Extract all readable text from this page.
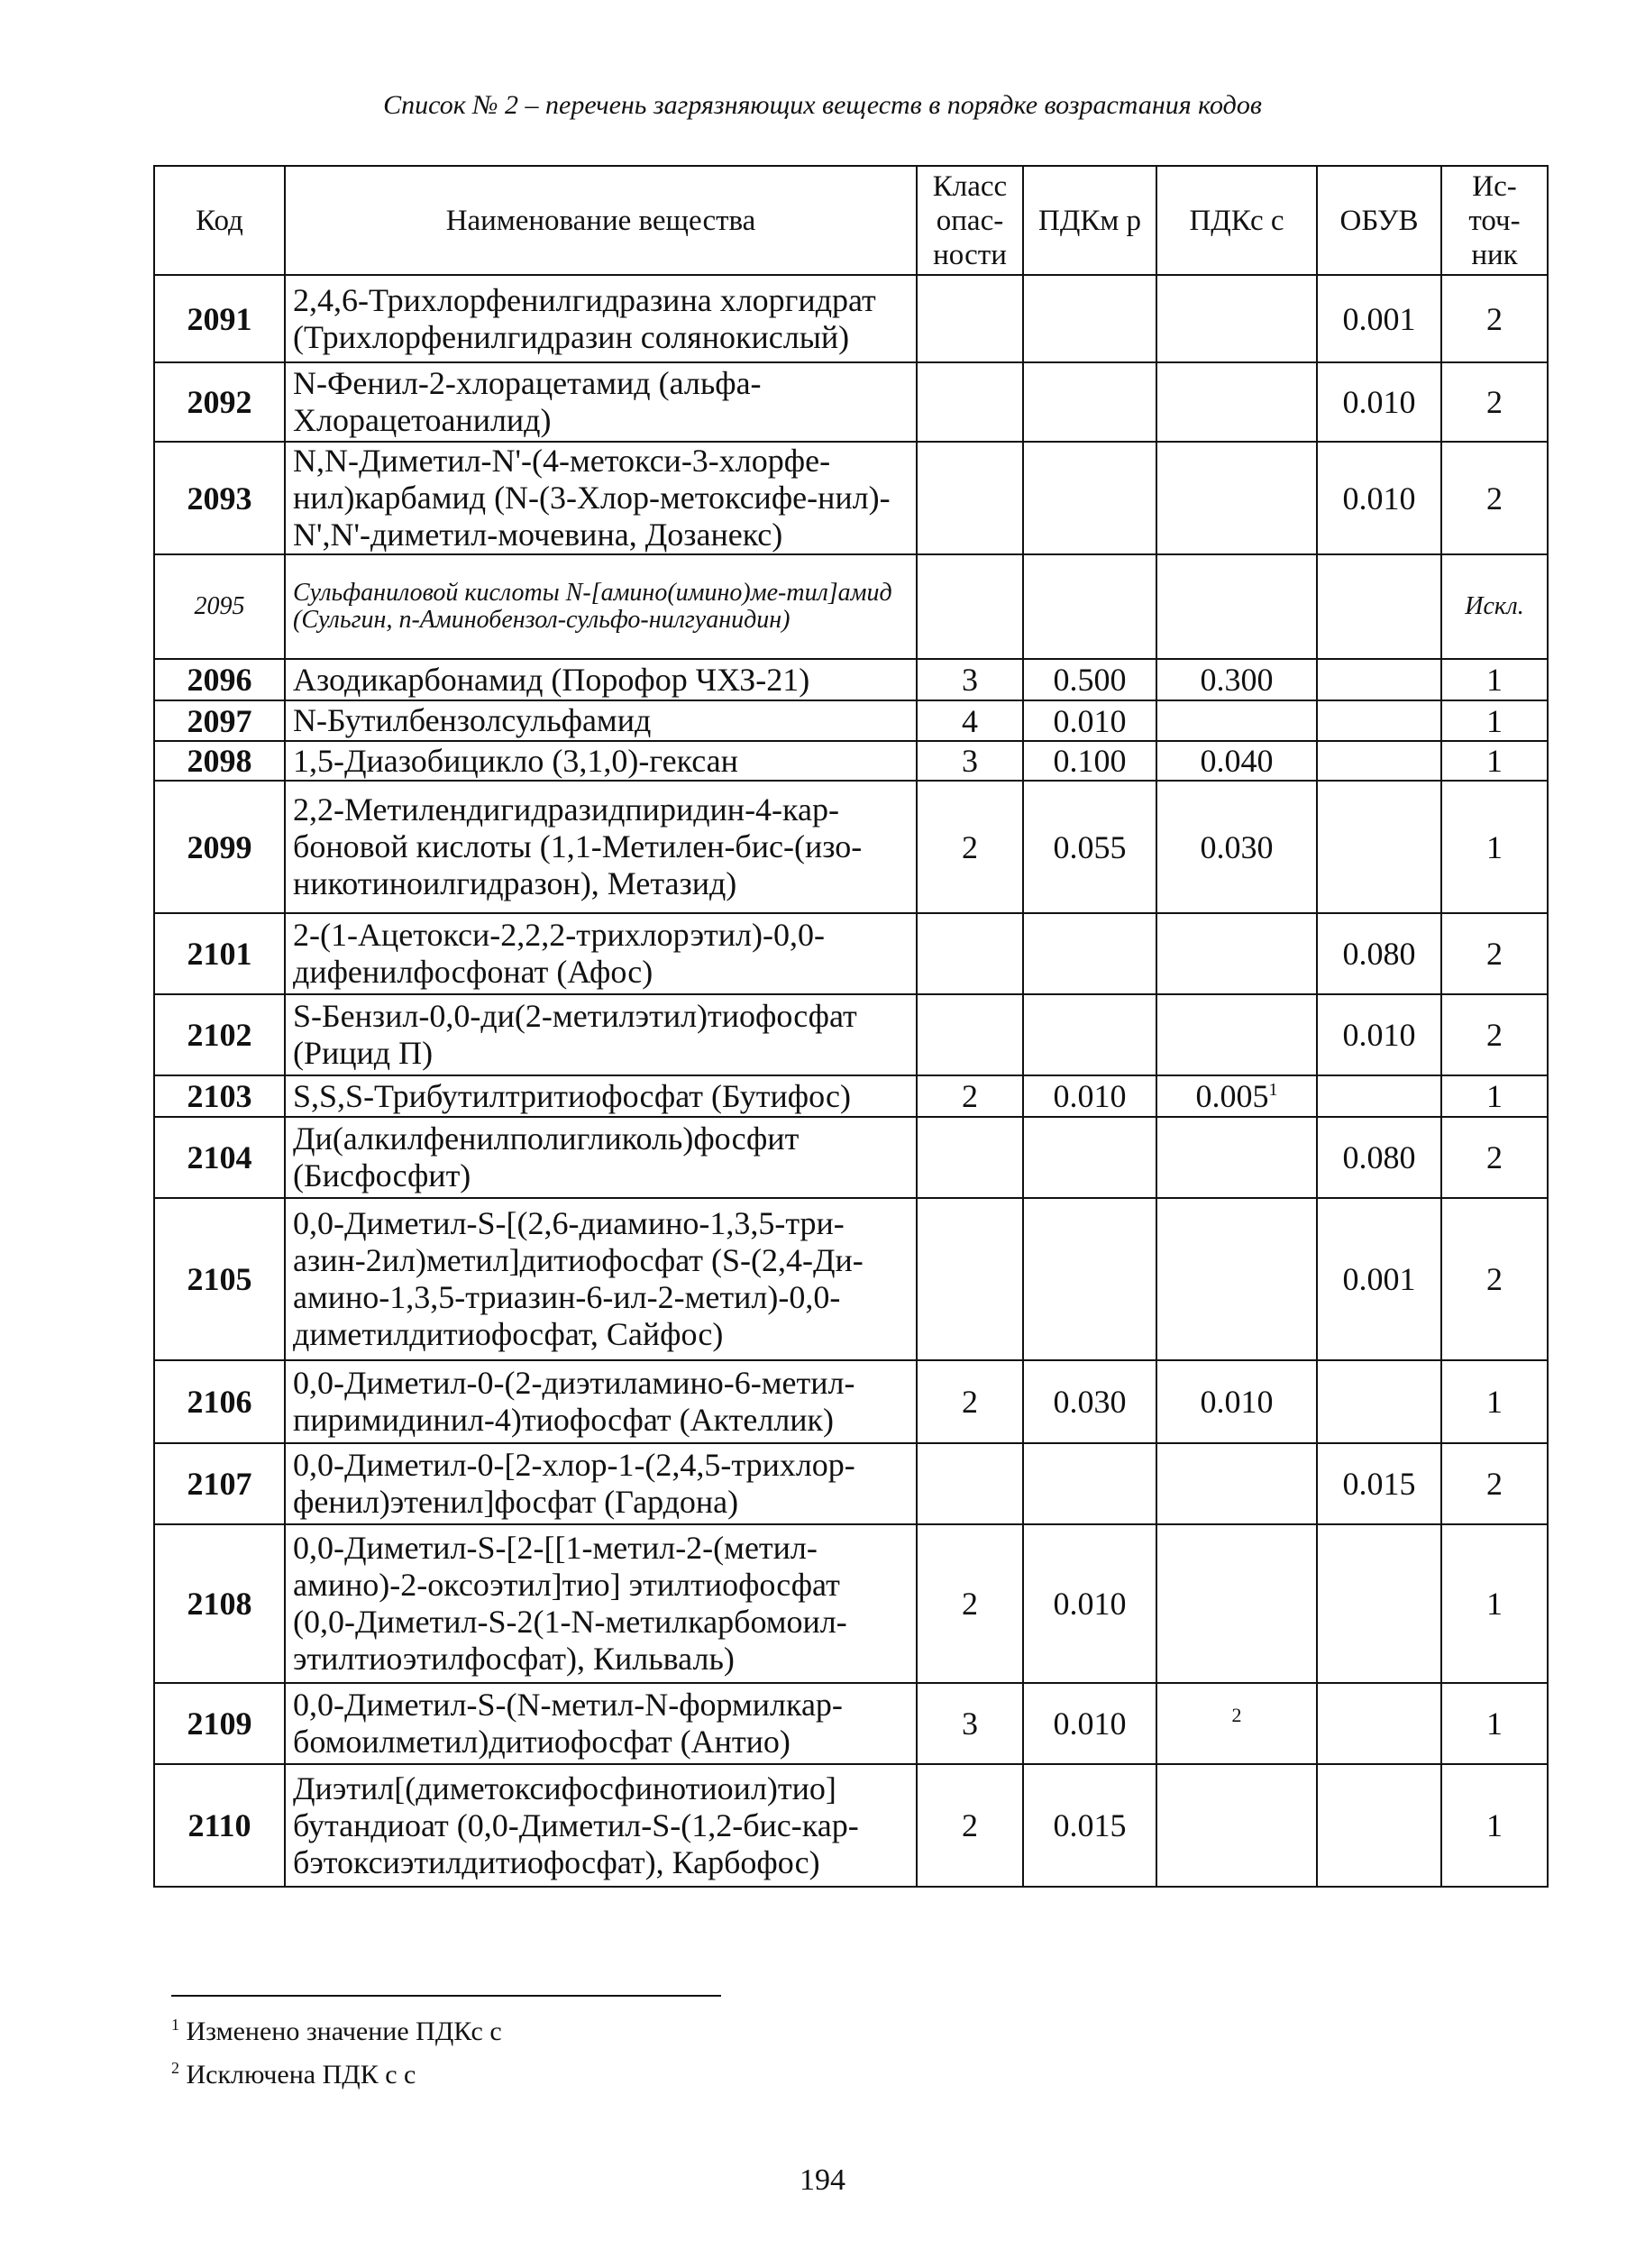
Список № 2 – перечень загрязняющих веществ в порядке возрастания кодов
Код	Наименование вещества	Класс опас-ности	ПДКм р	ПДКс с	ОБУВ	Ис-точ-ник
2091	2,4,6-Трихлорфенилгидразина хлоргидрат (Трихлорфенилгидразин солянокислый)				0.001	2
2092	N-Фенил-2-хлорацетамид (альфа-Хлорацетоанилид)				0.010	2
2093	N,N-Диметил-N'-(4-метокси-3-хлорфе-нил)карбамид (N-(3-Хлор-метоксифе-нил)-N',N'-диметил-мочевина, Дозанекс)				0.010	2
2095	Сульфаниловой кислоты N-[амино(имино)ме-тил]амид (Сульгин, п-Аминобензол-сульфо-нилгуанидин)					Искл.
2096	Азодикарбонамид (Порофор ЧХЗ-21)	3	0.500	0.300		1
2097	N-Бутилбензолсульфамид	4	0.010			1
2098	1,5-Диазобицикло (3,1,0)-гексан	3	0.100	0.040		1
2099	2,2-Метилендигидразидпиридин-4-кар-боновой кислоты (1,1-Метилен-бис-(изо-никотиноилгидразон), Метазид)	2	0.055	0.030		1
2101	2-(1-Ацетокси-2,2,2-трихлорэтил)-0,0-дифенилфосфонат (Афос)				0.080	2
2102	S-Бензил-0,0-ди(2-метилэтил)тиофосфат (Рицид П)				0.010	2
2103	S,S,S-Трибутилтритиофосфат (Бутифос)	2	0.010	0.005$^1$		1
2104	Ди(алкилфенилполигликоль)фосфит (Бисфосфит)				0.080	2
2105	0,0-Диметил-S-[(2,6-диамино-1,3,5-три-азин-2ил)метил]дитиофосфат (S-(2,4-Ди-амино-1,3,5-триазин-6-ил-2-метил)-0,0-диметилдитиофосфат, Сайфос)				0.001	2
2106	0,0-Диметил-0-(2-диэтиламино-6-метил-пиримидинил-4)тиофосфат (Актеллик)	2	0.030	0.010		1
2107	0,0-Диметил-0-[2-хлор-1-(2,4,5-трихлор-фенил)этенил]фосфат (Гардона)				0.015	2
2108	0,0-Диметил-S-[2-[[1-метил-2-(метил-амино)-2-оксоэтил]тио] этилтиофосфат (0,0-Диметил-S-2(1-N-метилкарбомоил-этилтиоэтилфосфат), Кильваль)	2	0.010			1
2109	0,0-Диметил-S-(N-метил-N-формилкар-бомоилметил)дитиофосфат (Антио)	3	0.010	$^2$		1
2110	Диэтил[(диметоксифосфинотиоил)тио] бутандиоат (0,0-Диметил-S-(1,2-бис-кар-бэтоксиэтилдитиофосфат), Карбофос)	2	0.015			1
$^1$ Изменено значение ПДКс с
$^2$ Исключена ПДК с с
194
